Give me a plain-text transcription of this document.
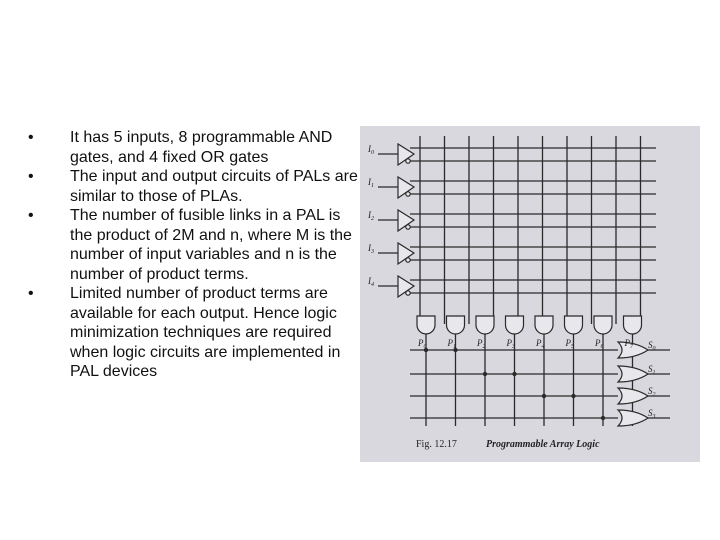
• It has 5 inputs, 8 programmable AND gates, and 4 fixed OR gates
• The input and output circuits of PALs are similar to those of PLAs.
• The number of fusible links in a PAL is the product of 2M and n, where M is the number of input variables and n is the number of product terms.
• Limited number of product terms are available for each output. Hence logic minimization techniques are required when logic circuits are implemented in PAL devices
$I_0$
$I_1$
$I_2$
$I_3$
$I_4$
$P_0$ $P_1$ $P_2$ $P_3$ $P_4$ $P_5$ $P_6$ $P_7$ $S_0$
$S_1$
$S_2$
$S_3$
Fig. 12.17	Programmable Array Logic
